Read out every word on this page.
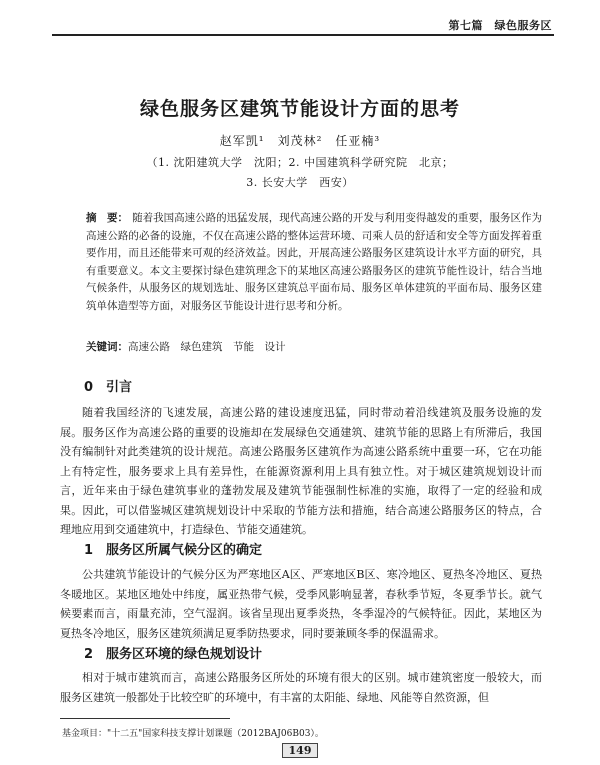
第七篇　绿色服务区
绿色服务区建筑节能设计方面的思考
赵军凯¹　刘茂林²　任亚楠³
（1. 沈阳建筑大学　沈阳；2. 中国建筑科学研究院　北京；
3. 长安大学　西安）
摘　要： 随着我国高速公路的迅猛发展，现代高速公路的开发与利用变得越发的重要，服务区作为高速公路的必备的设施，不仅在高速公路的整体运营环境、司乘人员的舒适和安全等方面发挥着重要作用，而且还能带来可观的经济效益。因此，开展高速公路服务区建筑设计水平方面的研究，具有重要意义。本文主要探讨绿色建筑理念下的某地区高速公路服务区的建筑节能性设计，结合当地气候条件，从服务区的规划选址、服务区建筑总平面布局、服务区单体建筑的平面布局、服务区建筑单体造型等方面，对服务区节能设计进行思考和分析。
关键词：高速公路　绿色建筑　节能　设计
0　引言
随着我国经济的飞速发展，高速公路的建设速度迅猛，同时带动着沿线建筑及服务设施的发展。服务区作为高速公路的重要的设施却在发展绿色交通建筑、建筑节能的思路上有所滞后，我国没有编制针对此类建筑的设计规范。高速公路服务区建筑作为高速公路系统中重要一环，它在功能上有特定性，服务要求上具有差异性，在能源资源利用上具有独立性。对于城区建筑规划设计而言，近年来由于绿色建筑事业的蓬勃发展及建筑节能强制性标准的实施，取得了一定的经验和成果。因此，可以借鉴城区建筑规划设计中采取的节能方法和措施，结合高速公路服务区的特点，合理地应用到交通建筑中，打造绿色、节能交通建筑。
1　服务区所属气候分区的确定
公共建筑节能设计的气候分区为严寒地区A区、严寒地区B区、寒冷地区、夏热冬冷地区、夏热冬暖地区。某地区地处中纬度，属亚热带气候，受季风影响显著，春秋季节短，冬夏季节长。就气候要素而言，雨量充沛，空气湿润。该省呈现出夏季炎热，冬季湿冷的气候特征。因此，某地区为夏热冬冷地区，服务区建筑须满足夏季防热要求，同时要兼顾冬季的保温需求。
2　服务区环境的绿色规划设计
相对于城市建筑而言，高速公路服务区所处的环境有很大的区别。城市建筑密度一般较大，而服务区建筑一般都处于比较空旷的环境中，有丰富的太阳能、绿地、风能等自然资源，但
基金项目："十二五"国家科技支撑计划课题（2012BAJ06B03）。
149
